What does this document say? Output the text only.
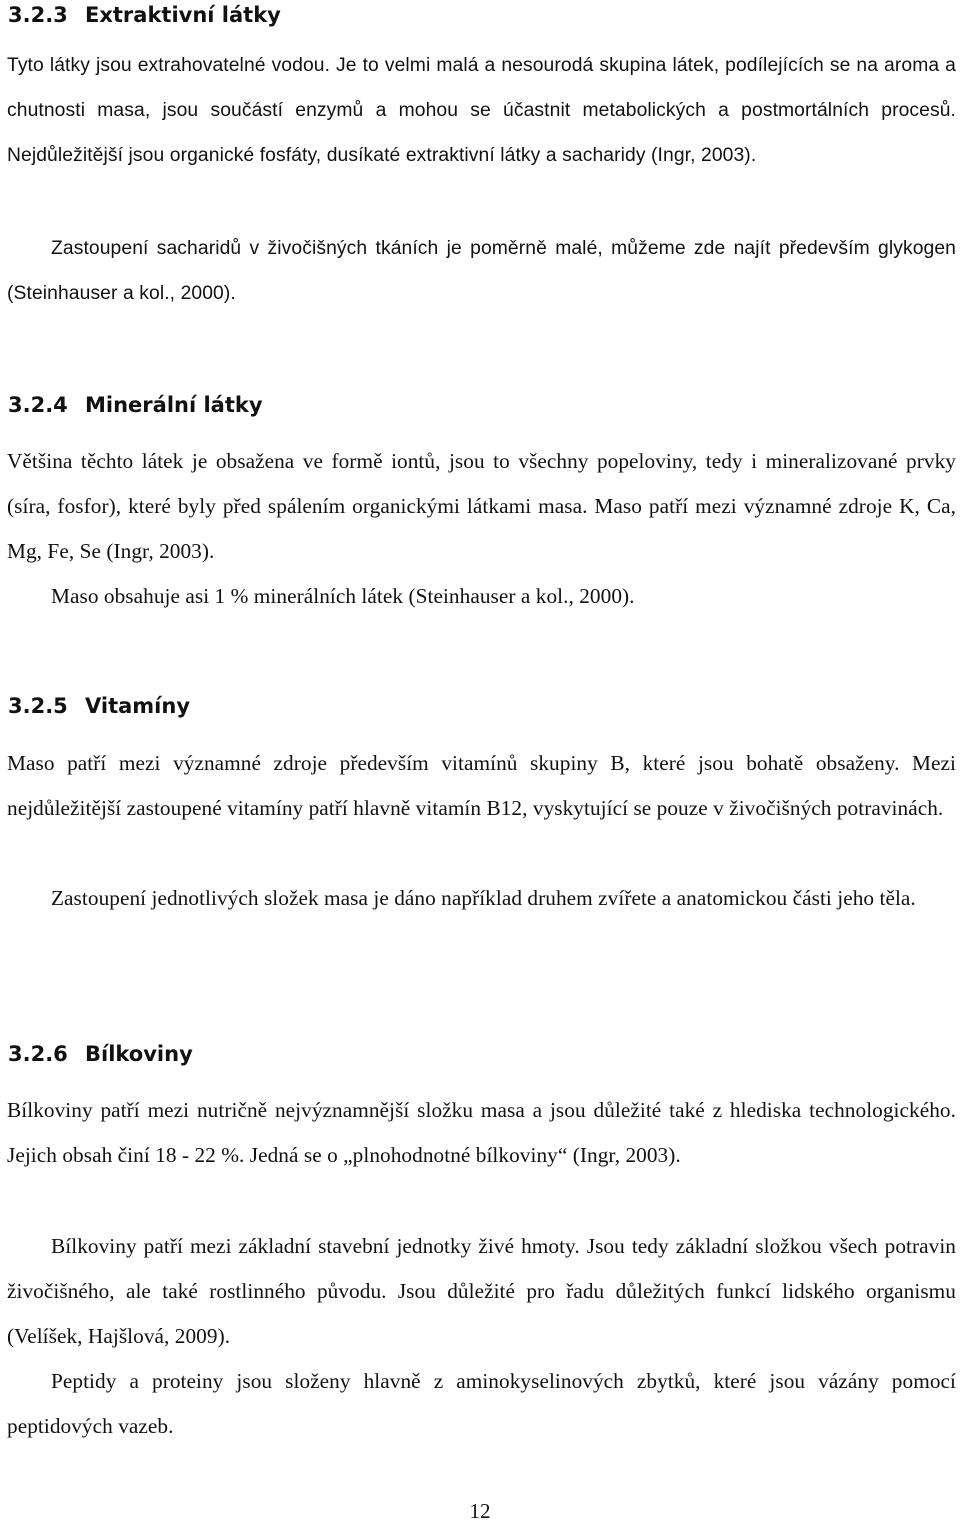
3.2.3 Extraktivní látky

Tyto látky jsou extrahovatelné vodou. Je to velmi malá a nesourodá skupina látek, podílejících se na aroma a chutnosti masa, jsou součástí enzymů a mohou se účastnit metabolických a postmortálních procesů. Nejdůležitější jsou organické fosfáty, dusíkaté extraktivní látky a sacharidy (Ingr, 2003).

Zastoupení sacharidů v živočišných tkáních je poměrně malé, můžeme zde najít především glykogen (Steinhauser a kol., 2000).

3.2.4 Minerální látky

Většina těchto látek je obsažena ve formě iontů, jsou to všechny popeloviny, tedy i mineralizované prvky (síra, fosfor), které byly před spálením organickými látkami masa. Maso patří mezi významné zdroje K, Ca, Mg, Fe, Se (Ingr, 2003).

Maso obsahuje asi 1 % minerálních látek (Steinhauser a kol., 2000).

3.2.5 Vitamíny

Maso patří mezi významné zdroje především vitamínů skupiny B, které jsou bohatě obsaženy. Mezi nejdůležitější zastoupené vitamíny patří hlavně vitamín B12, vyskytující se pouze v živočišných potravinách.

Zastoupení jednotlivých složek masa je dáno například druhem zvířete a anatomickou části jeho těla.

3.2.6 Bílkoviny

Bílkoviny patří mezi nutričně nejvýznamnější složku masa a jsou důležité také z hlediska technologického. Jejich obsah činí 18 - 22 %. Jedná se o „plnohodnotné bílkoviny“ (Ingr, 2003).

Bílkoviny patří mezi základní stavební jednotky živé hmoty. Jsou tedy základní složkou všech potravin živočišného, ale také rostlinného původu. Jsou důležité pro řadu důležitých funkcí lidského organismu (Velíšek, Hajšlová, 2009).

Peptidy a proteiny jsou složeny hlavně z aminokyselinových zbytků, které jsou vázány pomocí peptidových vazeb.

12
